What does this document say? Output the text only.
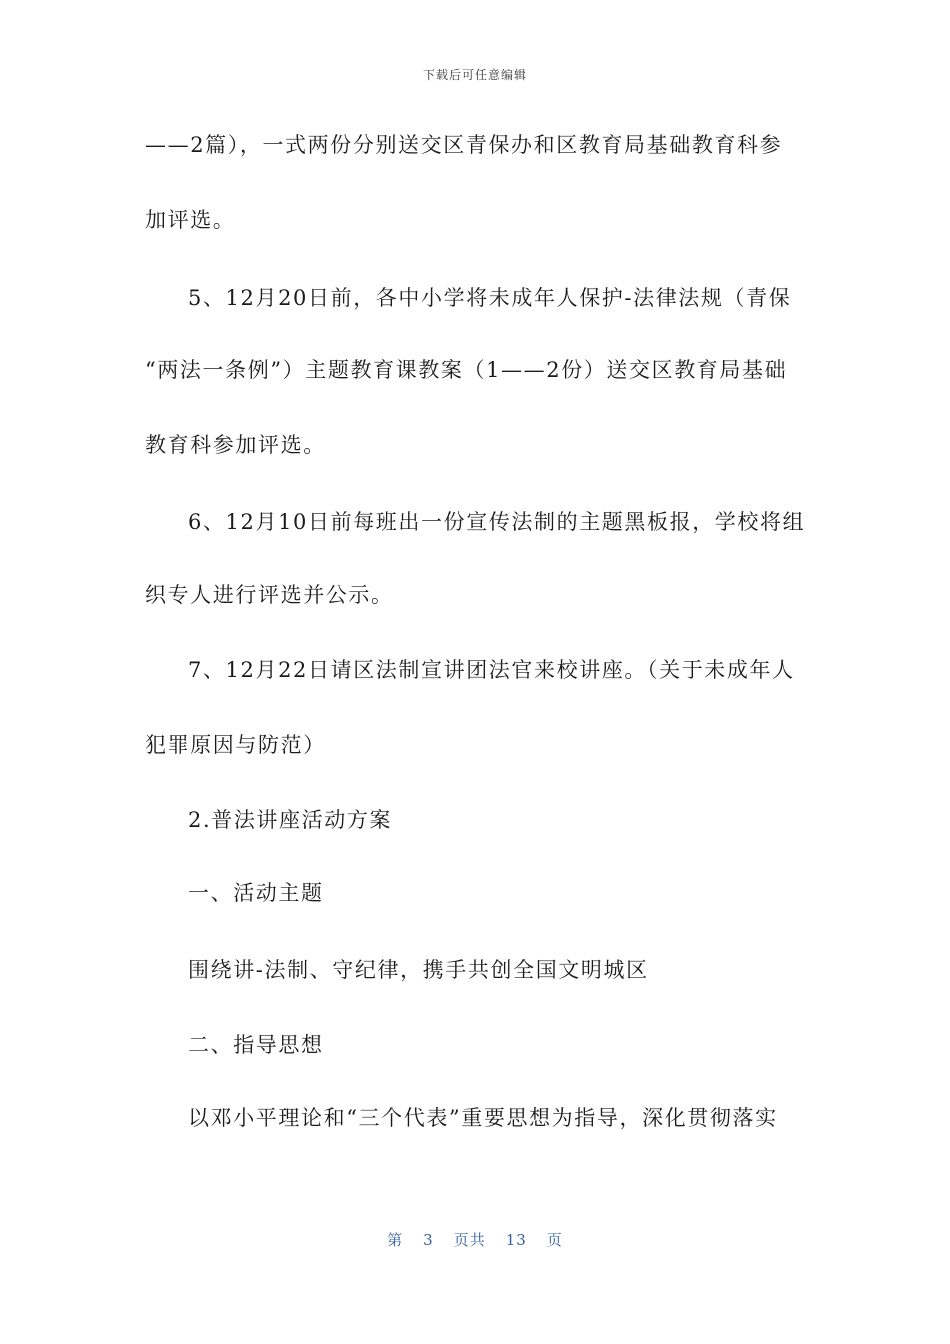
下载后可任意编辑
——2篇），一式两份分别送交区青保办和区教育局基础教育科参
加评选。
5、12月20日前，各中小学将未成年人保护-法律法规（青保
“两法一条例”）主题教育课教案（1——2份）送交区教育局基础
教育科参加评选。
6、12月10日前每班出一份宣传法制的主题黑板报，学校将组
织专人进行评选并公示。
7、12月22日请区法制宣讲团法官来校讲座。（关于未成年人
犯罪原因与防范）
2.普法讲座活动方案
一、活动主题
围绕讲-法制、守纪律，携手共创全国文明城区
二、指导思想
以邓小平理论和“三个代表”重要思想为指导，深化贯彻落实
第 3 页共 13 页
